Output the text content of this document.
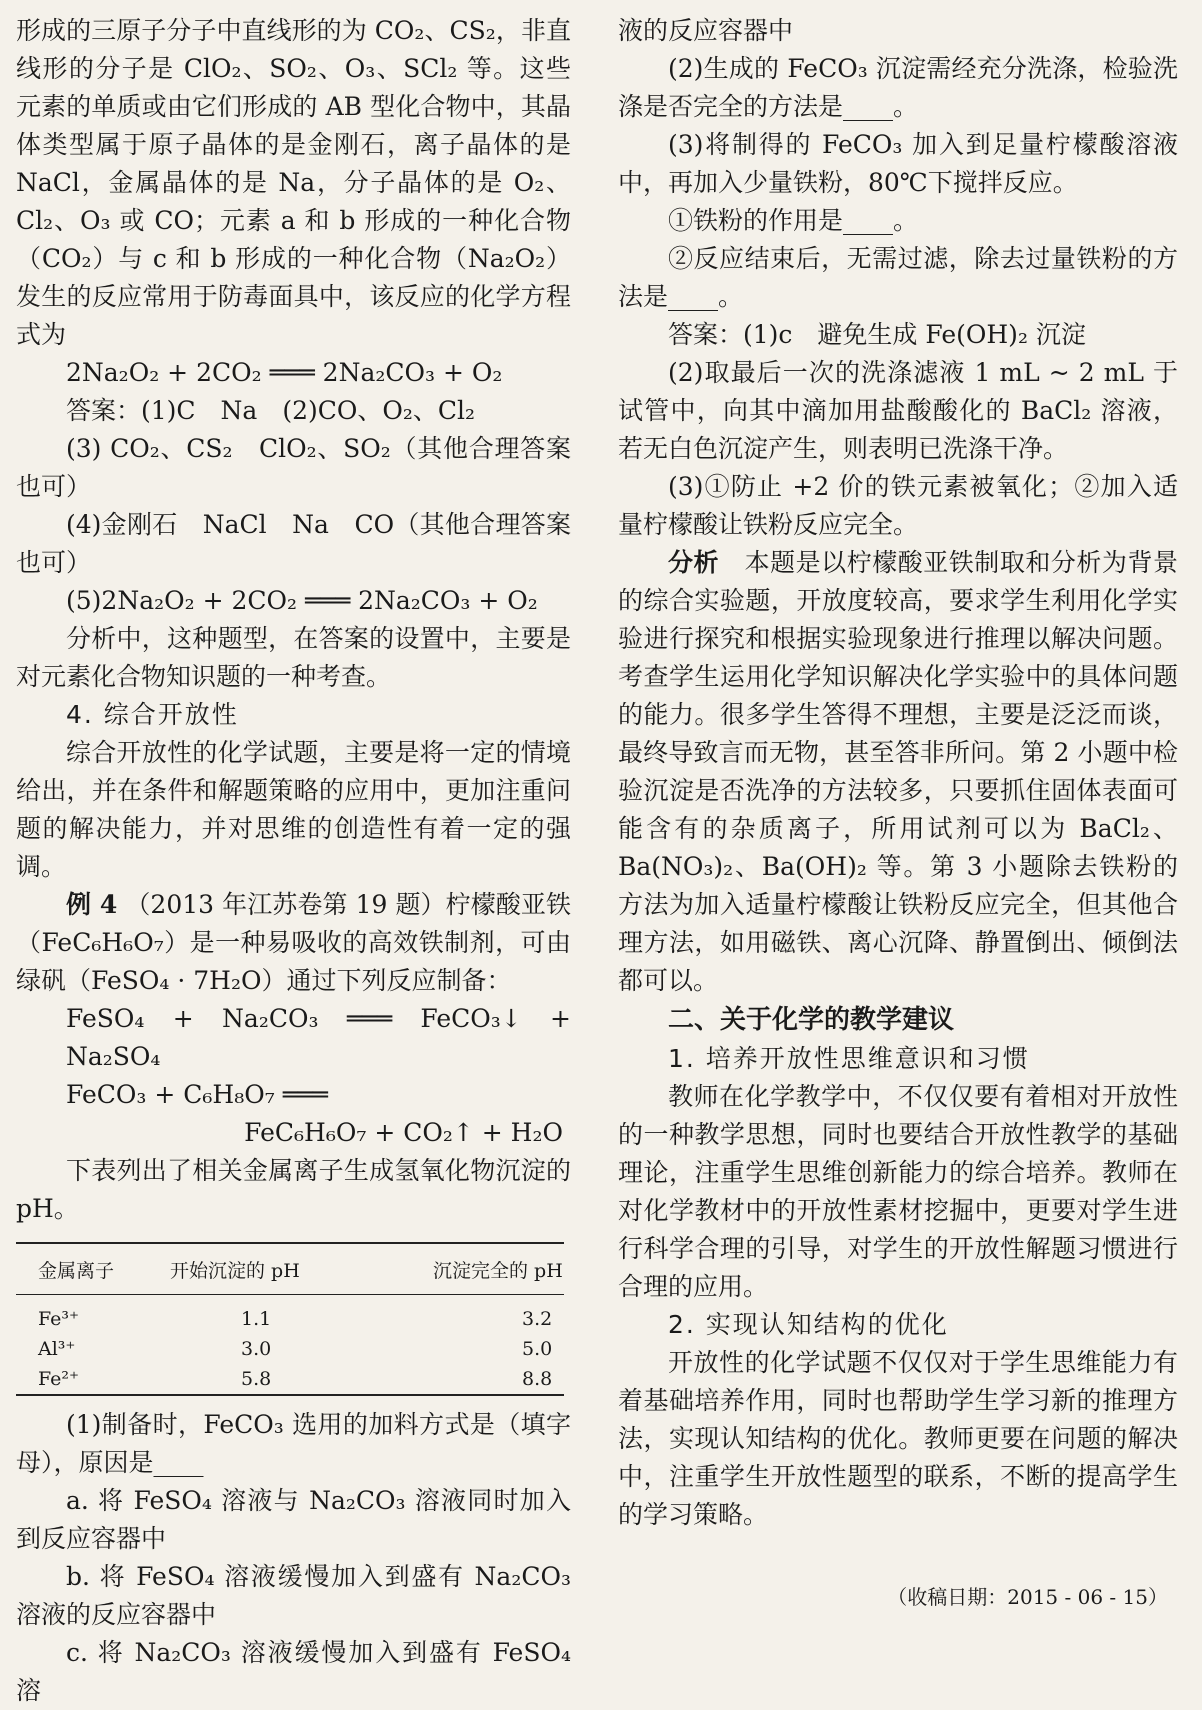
形成的三原子分子中直线形的为 CO₂、CS₂，非直线形的分子是 ClO₂、SO₂、O₃、SCl₂ 等。这些元素的单质或由它们形成的 AB 型化合物中，其晶体类型属于原子晶体的是金刚石，离子晶体的是 NaCl，金属晶体的是 Na，分子晶体的是 O₂、Cl₂、O₃ 或 CO；元素 a 和 b 形成的一种化合物（CO₂）与 c 和 b 形成的一种化合物（Na₂O₂）发生的反应常用于防毒面具中，该反应的化学方程式为

2Na₂O₂ + 2CO₂ ═══ 2Na₂CO₃ + O₂

答案：(1)C　Na　(2)CO、O₂、Cl₂

(3) CO₂、CS₂　ClO₂、SO₂（其他合理答案也可）

(4)金刚石　NaCl　Na　CO（其他合理答案也可）

(5)2Na₂O₂ + 2CO₂ ═══ 2Na₂CO₃ + O₂

分析中，这种题型，在答案的设置中，主要是对元素化合物知识题的一种考查。

4. 综合开放性

综合开放性的化学试题，主要是将一定的情境给出，并在条件和解题策略的应用中，更加注重问题的解决能力，并对思维的创造性有着一定的强调。

例 4 （2013 年江苏卷第 19 题）柠檬酸亚铁（FeC₆H₆O₇）是一种易吸收的高效铁制剂，可由绿矾（FeSO₄ · 7H₂O）通过下列反应制备：

FeSO₄ + Na₂CO₃ ═══ FeCO₃↓ + Na₂SO₄

FeCO₃ + C₆H₈O₇ ═══

FeC₆H₆O₇ + CO₂↑ + H₂O

下表列出了相关金属离子生成氢氧化物沉淀的 pH。

金属离子	开始沉淀的 pH	沉淀完全的 pH
Fe³⁺	1.1	3.2
Al³⁺	3.0	5.0
Fe²⁺	5.8	8.8

(1)制备时，FeCO₃ 选用的加料方式是（填字母），原因是____

a. 将 FeSO₄ 溶液与 Na₂CO₃ 溶液同时加入到反应容器中

b. 将 FeSO₄ 溶液缓慢加入到盛有 Na₂CO₃ 溶液的反应容器中

c. 将 Na₂CO₃ 溶液缓慢加入到盛有 FeSO₄ 溶

液的反应容器中

(2)生成的 FeCO₃ 沉淀需经充分洗涤，检验洗涤是否完全的方法是____。

(3)将制得的 FeCO₃ 加入到足量柠檬酸溶液中，再加入少量铁粉，80℃下搅拌反应。

①铁粉的作用是____。

②反应结束后，无需过滤，除去过量铁粉的方法是____。

答案：(1)c　避免生成 Fe(OH)₂ 沉淀

(2)取最后一次的洗涤滤液 1 mL ~ 2 mL 于试管中，向其中滴加用盐酸酸化的 BaCl₂ 溶液，若无白色沉淀产生，则表明已洗涤干净。

(3)①防止 +2 价的铁元素被氧化；②加入适量柠檬酸让铁粉反应完全。

分析　 本题是以柠檬酸亚铁制取和分析为背景的综合实验题，开放度较高，要求学生利用化学实验进行探究和根据实验现象进行推理以解决问题。考查学生运用化学知识解决化学实验中的具体问题的能力。很多学生答得不理想，主要是泛泛而谈，最终导致言而无物，甚至答非所问。第 2 小题中检验沉淀是否洗净的方法较多，只要抓住固体表面可能含有的杂质离子，所用试剂可以为 BaCl₂、Ba(NO₃)₂、Ba(OH)₂ 等。第 3 小题除去铁粉的方法为加入适量柠檬酸让铁粉反应完全，但其他合理方法，如用磁铁、离心沉降、静置倒出、倾倒法都可以。

二、关于化学的教学建议

1. 培养开放性思维意识和习惯

教师在化学教学中，不仅仅要有着相对开放性的一种教学思想，同时也要结合开放性教学的基础理论，注重学生思维创新能力的综合培养。教师在对化学教材中的开放性素材挖掘中，更要对学生进行科学合理的引导，对学生的开放性解题习惯进行合理的应用。

2. 实现认知结构的优化

开放性的化学试题不仅仅对于学生思维能力有着基础培养作用，同时也帮助学生学习新的推理方法，实现认知结构的优化。教师更要在问题的解决中，注重学生开放性题型的联系，不断的提高学生的学习策略。

（收稿日期：2015 - 06 - 15）
